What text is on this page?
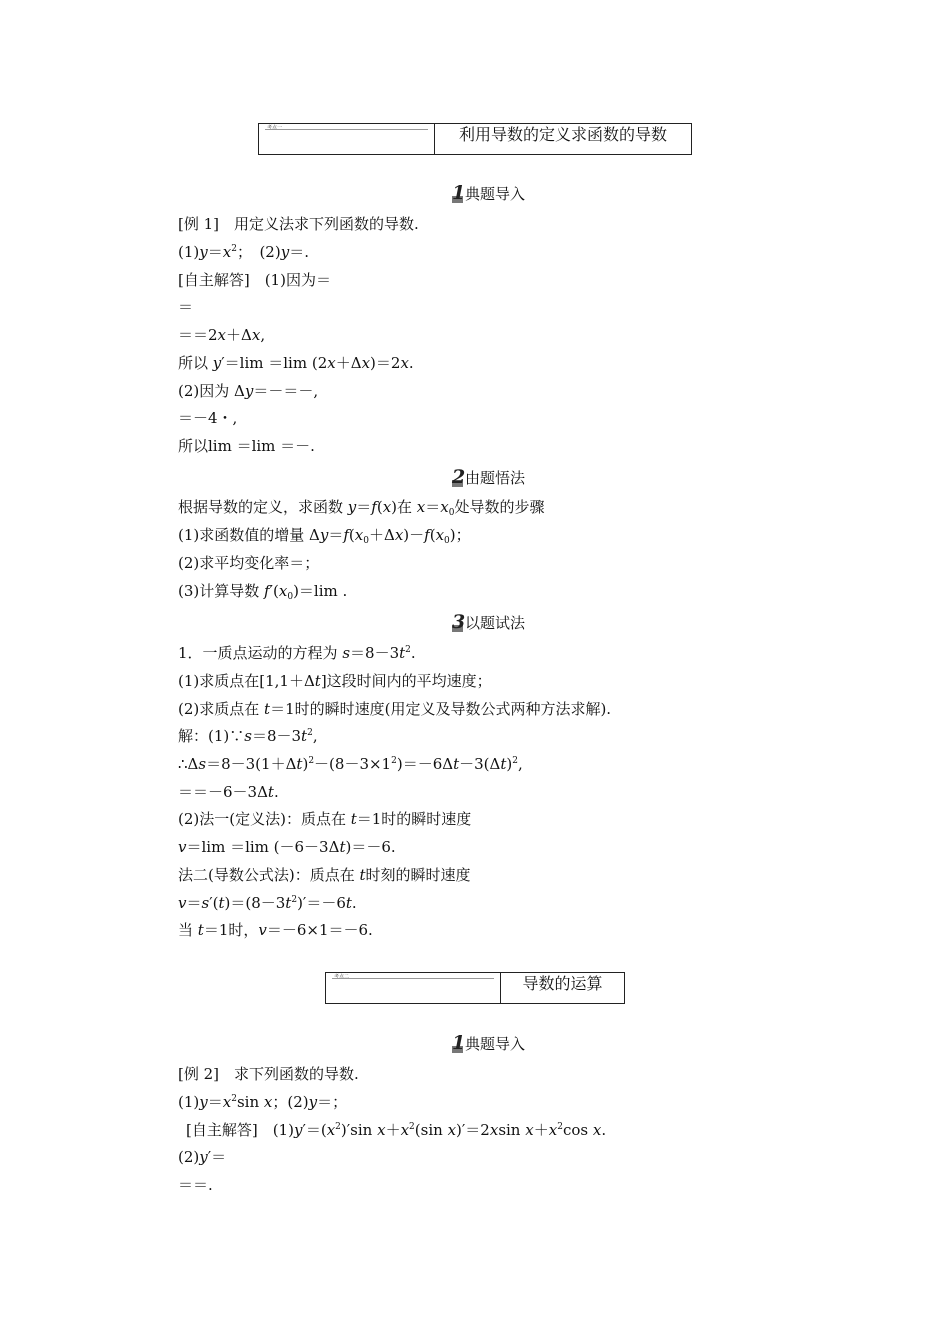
考点一	利用导数的定义求函数的导数
1 典题导入
[例 1]　用定义法求下列函数的导数.
$(1)y=x^2$；　(2)y＝.
[自主解答]　(1)因为＝
＝
＝＝2x＋Δx,
所以 y′＝lim ＝lim (2x＋Δx)＝2x.
(2)因为 Δy＝－＝－,
＝－4・,
所以lim ＝lim ＝－.
2 由题悟法
根据导数的定义，求函数 y＝f(x)在 $x=x_0$处导数的步骤
(1)求函数值的增量 $\Delta y=f(x_0+\Delta x)-f(x_0)$；
(2)求平均变化率＝；
(3)计算导数 $f'(x_0)=\lim$ .
3 以题试法
1．一质点运动的方程为 $s=8-3t^2$.
(1)求质点在[1,1＋Δt]这段时间内的平均速度；
(2)求质点在 t＝1时的瞬时速度(用定义及导数公式两种方法求解).
解：$(1)\because s=8-3t^2$,
$\therefore\Delta s=8-3(1+\Delta t)^2-(8-3\times 1^2)=-6\Delta t-3(\Delta t)^2$,
＝＝－6－3Δt.
(2)法一(定义法)：质点在 t＝1时的瞬时速度
v＝lim ＝lim (－6－3Δt)＝－6.
法二(导数公式法)：质点在 t时刻的瞬时速度
$v=s'(t)=(8-3t^2)'=-6t$.
当 t＝1时，v＝－6×1＝－6.
考点二	导数的运算
1 典题导入
[例 2]　求下列函数的导数.
$(1)y=x^2\sin$ x；(2)y＝；
[自主解答]　$(1)y'=(x^2)'\sin$ $x+x^2(\sin$ x)′＝2xsin $x+x^2\cos$ x.
(2)y′＝
＝＝.
